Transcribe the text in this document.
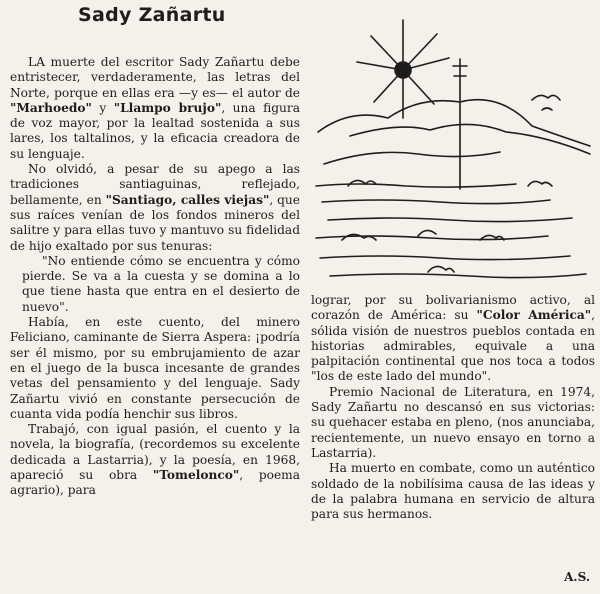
Sady Zañartu

LA muerte del escritor Sady Zañartu debe entristecer, verdaderamente, las letras del Norte, porque en ellas era —y es— el autor de "Marhoedo" y "Llampo brujo", una figura de voz mayor, por la lealtad sostenida a sus lares, los taltalinos, y la eficacia creadora de su lenguaje.

No olvidó, a pesar de su apego a las tradiciones santiaguinas, reflejado, bellamente, en "Santiago, calles viejas", que sus raíces venían de los fondos mineros del salitre y para ellas tuvo y mantuvo su fidelidad de hijo exaltado por sus tenuras:

"No entiende cómo se encuentra y cómo pierde. Se va a la cuesta y se domina a lo que tiene hasta que entra en el desierto de nuevo".

Había, en este cuento, del minero Feliciano, caminante de Sierra Aspera: ¡podría ser él mismo, por su embrujamiento de azar en el juego de la busca incesante de grandes vetas del pensamiento y del lenguaje. Sady Zañartu vivió en constante persecución de cuanta vida podía henchir sus libros.

Trabajó, con igual pasión, el cuento y la novela, la biografía, (recordemos su excelente dedicada a Lastarria), y la poesía, en 1968, apareció su obra "Tomelonco", poema agrario), para

lograr, por su bolivarianismo activo, al corazón de América: su "Color América", sólida visión de nuestros pueblos contada en historias admirables, equivale a una palpitación continental que nos toca a todos "los de este lado del mundo".

Premio Nacional de Literatura, en 1974, Sady Zañartu no descansó en sus victorias: su quehacer estaba en pleno, (nos anunciaba, recientemente, un nuevo ensayo en torno a Lastarria).

Ha muerto en combate, como un auténtico soldado de la nobilísima causa de las ideas y de la palabra humana en servicio de altura para sus hermanos.

A.S.
